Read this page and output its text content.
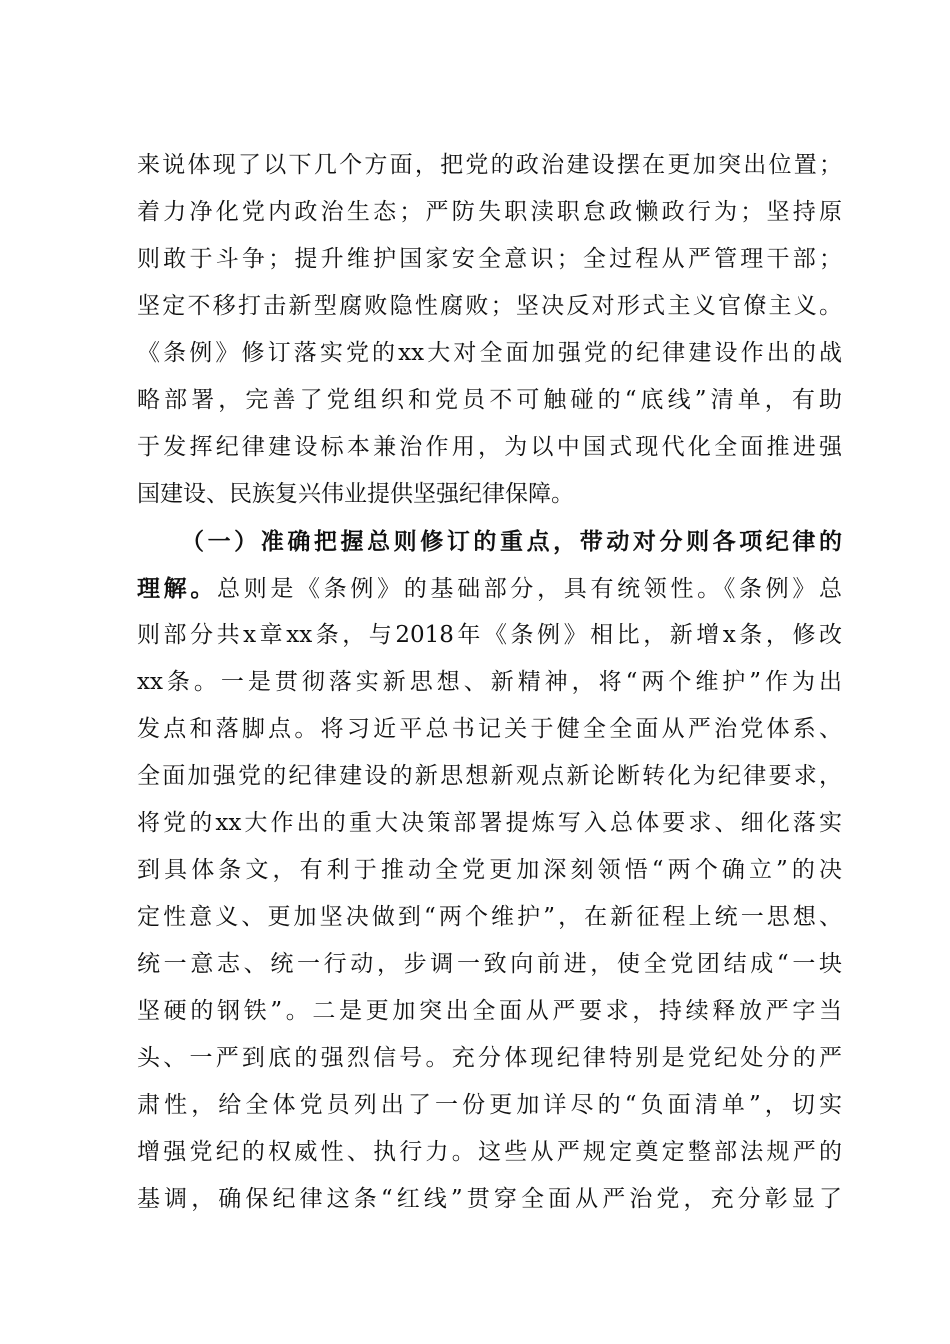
来说体现了以下几个方面，把党的政治建设摆在更加突出位置；
着力净化党内政治生态；严防失职渎职怠政懒政行为；坚持原
则敢于斗争；提升维护国家安全意识；全过程从严管理干部；
坚定不移打击新型腐败隐性腐败；坚决反对形式主义官僚主义。
《条例》修订落实党的xx大对全面加强党的纪律建设作出的战
略部署，完善了党组织和党员不可触碰的“底线”清单，有助
于发挥纪律建设标本兼治作用，为以中国式现代化全面推进强
国建设、民族复兴伟业提供坚强纪律保障。
（一）准确把握总则修订的重点，带动对分则各项纪律的
理解。总则是《条例》的基础部分，具有统领性。《条例》总
则部分共x章xx条，与2018年《条例》相比，新增x条，修改
xx条。一是贯彻落实新思想、新精神，将“两个维护”作为出
发点和落脚点。将习近平总书记关于健全全面从严治党体系、
全面加强党的纪律建设的新思想新观点新论断转化为纪律要求，
将党的xx大作出的重大决策部署提炼写入总体要求、细化落实
到具体条文，有利于推动全党更加深刻领悟“两个确立”的决
定性意义、更加坚决做到“两个维护”，在新征程上统一思想、
统一意志、统一行动，步调一致向前进，使全党团结成“一块
坚硬的钢铁”。二是更加突出全面从严要求，持续释放严字当
头、一严到底的强烈信号。充分体现纪律特别是党纪处分的严
肃性，给全体党员列出了一份更加详尽的“负面清单”，切实
增强党纪的权威性、执行力。这些从严规定奠定整部法规严的
基调，确保纪律这条“红线”贯穿全面从严治党，充分彰显了
